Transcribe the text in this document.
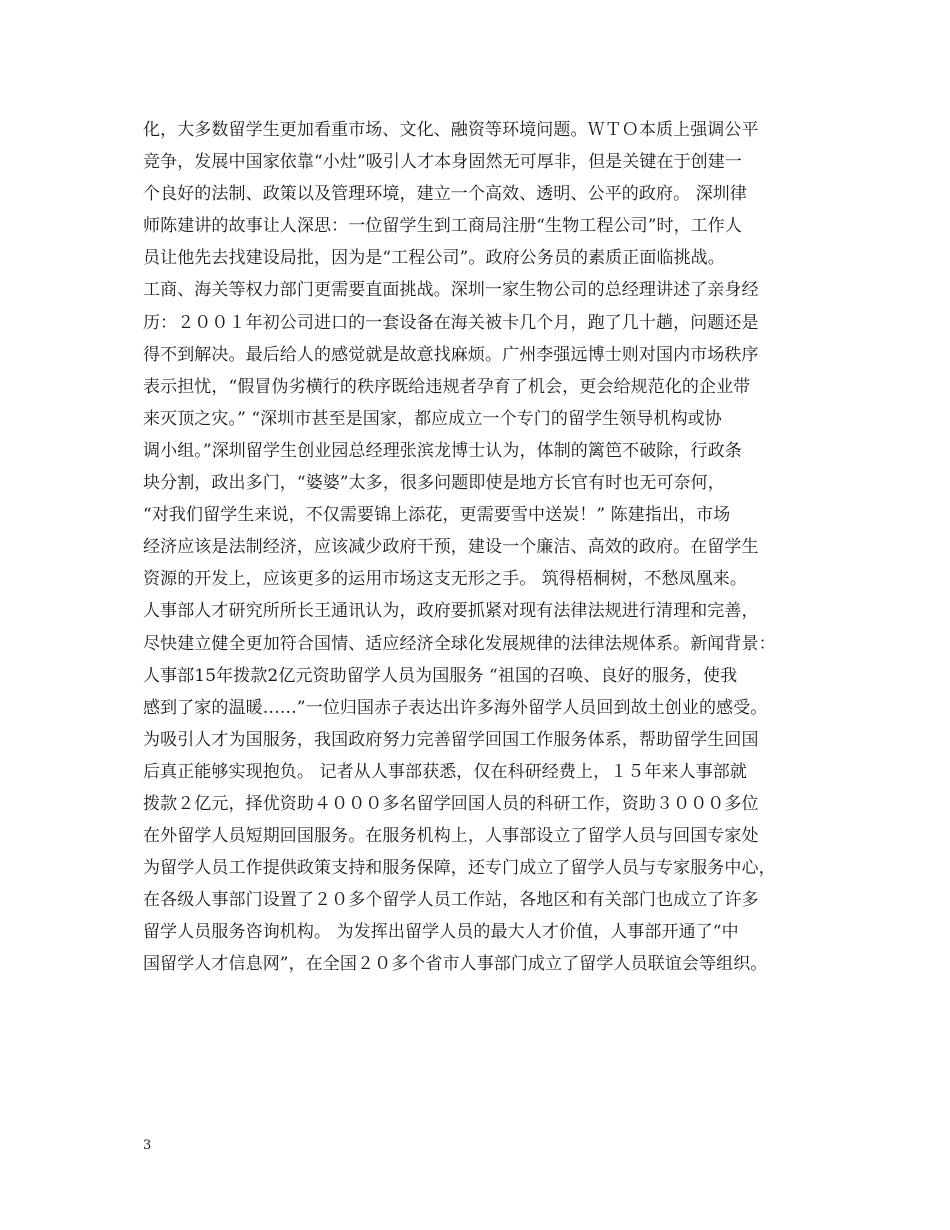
化，大多数留学生更加看重市场、文化、融资等环境问题。ＷＴＯ本质上强调公平
竞争，发展中国家依靠“小灶”吸引人才本身固然无可厚非，但是关键在于创建一
个良好的法制、政策以及管理环境，建立一个高效、透明、公平的政府。 深圳律
师陈建讲的故事让人深思：一位留学生到工商局注册“生物工程公司”时，工作人
员让他先去找建设局批，因为是“工程公司”。政府公务员的素质正面临挑战。
工商、海关等权力部门更需要直面挑战。深圳一家生物公司的总经理讲述了亲身经
历：２００１年初公司进口的一套设备在海关被卡几个月，跑了几十趟，问题还是
得不到解决。最后给人的感觉就是故意找麻烦。广州李强远博士则对国内市场秩序
表示担忧，“假冒伪劣横行的秩序既给违规者孕育了机会，更会给规范化的企业带
来灭顶之灾。” “深圳市甚至是国家，都应成立一个专门的留学生领导机构或协
调小组。”深圳留学生创业园总经理张滨龙博士认为，体制的篱笆不破除，行政条
块分割，政出多门，“婆婆”太多，很多问题即使是地方长官有时也无可奈何，
“对我们留学生来说，不仅需要锦上添花，更需要雪中送炭！” 陈建指出，市场
经济应该是法制经济，应该减少政府干预，建设一个廉洁、高效的政府。在留学生
资源的开发上，应该更多的运用市场这支无形之手。 筑得梧桐树，不愁凤凰来。
人事部人才研究所所长王通讯认为，政府要抓紧对现有法律法规进行清理和完善，
尽快建立健全更加符合国情、适应经济全球化发展规律的法律法规体系。新闻背景：
人事部15年拨款2亿元资助留学人员为国服务 “祖国的召唤、良好的服务，使我
感到了家的温暖……”一位归国赤子表达出许多海外留学人员回到故土创业的感受。
为吸引人才为国服务，我国政府努力完善留学回国工作服务体系，帮助留学生回国
后真正能够实现抱负。 记者从人事部获悉，仅在科研经费上，１５年来人事部就
拨款２亿元，择优资助４０００多名留学回国人员的科研工作，资助３０００多位
在外留学人员短期回国服务。在服务机构上，人事部设立了留学人员与回国专家处
为留学人员工作提供政策支持和服务保障，还专门成立了留学人员与专家服务中心，
在各级人事部门设置了２０多个留学人员工作站，各地区和有关部门也成立了许多
留学人员服务咨询机构。 为发挥出留学人员的最大人才价值，人事部开通了“中
国留学人才信息网”，在全国２０多个省市人事部门成立了留学人员联谊会等组织。
3
